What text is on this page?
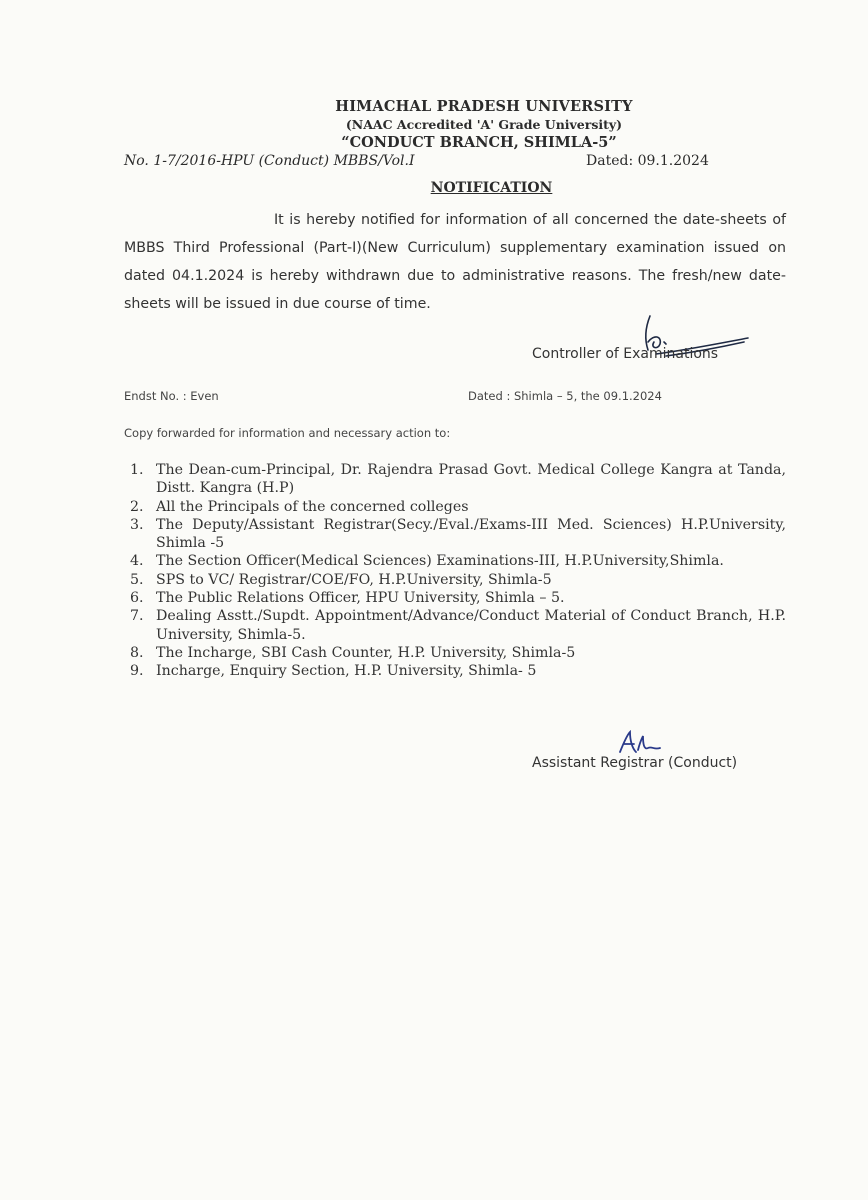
HIMACHAL PRADESH UNIVERSITY
(NAAC Accredited 'A' Grade University)
“CONDUCT BRANCH, SHIMLA-5”
No. 1-7/2016-HPU (Conduct) MBBS/Vol.I	Dated: 09.1.2024
NOTIFICATION
It is hereby notified for information of all concerned the date-sheets of MBBS Third Professional (Part-I)(New Curriculum) supplementary examination issued on dated 04.1.2024 is hereby withdrawn due to administrative reasons. The fresh/new date-sheets will be issued in due course of time.
Controller of Examinations
Endst No. : Even	Dated : Shimla – 5, the 09.1.2024
Copy forwarded for information and necessary action to:
1. The Dean-cum-Principal, Dr. Rajendra Prasad Govt. Medical College Kangra at Tanda, Distt. Kangra (H.P)
2. All the Principals of the concerned colleges
3. The Deputy/Assistant Registrar(Secy./Eval./Exams-III Med. Sciences) H.P.University, Shimla -5
4. The Section Officer(Medical Sciences) Examinations-III, H.P.University,Shimla.
5. SPS to VC/ Registrar/COE/FO, H.P.University, Shimla-5
6. The Public Relations Officer, HPU University, Shimla – 5.
7. Dealing Asstt./Supdt. Appointment/Advance/Conduct Material of Conduct Branch, H.P. University, Shimla-5.
8. The Incharge, SBI Cash Counter, H.P. University, Shimla-5
9. Incharge, Enquiry Section, H.P. University, Shimla- 5
Assistant Registrar (Conduct)
